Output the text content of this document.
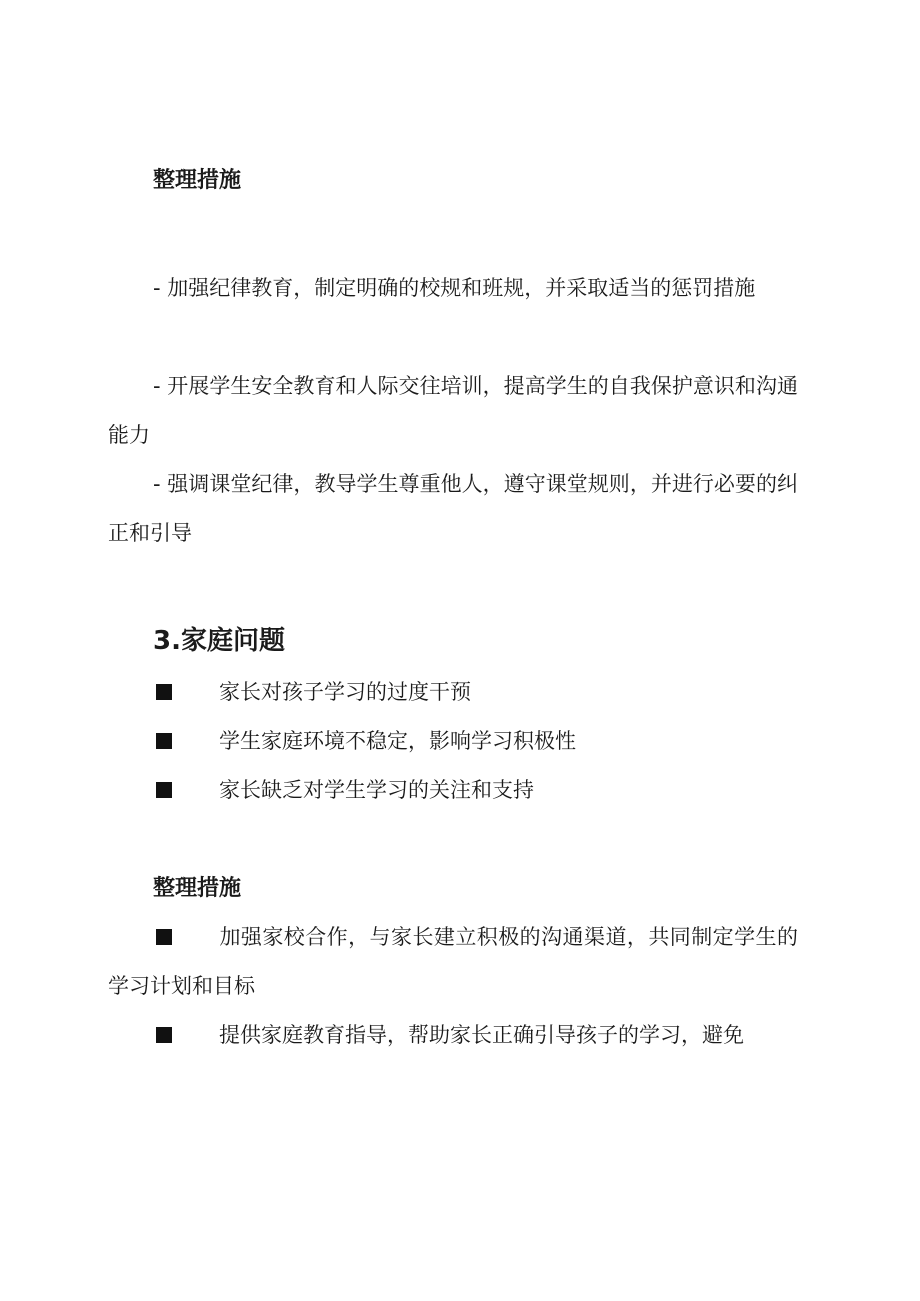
整理措施

- 加强纪律教育，制定明确的校规和班规，并采取适当的惩罚措施

- 开展学生安全教育和人际交往培训，提高学生的自我保护意识和沟通能力

- 强调课堂纪律，教导学生尊重他人，遵守课堂规则，并进行必要的纠正和引导

3.家庭问题
家长对孩子学习的过度干预
学生家庭环境不稳定，影响学习积极性
家长缺乏对学生学习的关注和支持
整理措施

加强家校合作，与家长建立积极的沟通渠道，共同制定学生的学习计划和目标

提供家庭教育指导，帮助家长正确引导孩子的学习，避免
